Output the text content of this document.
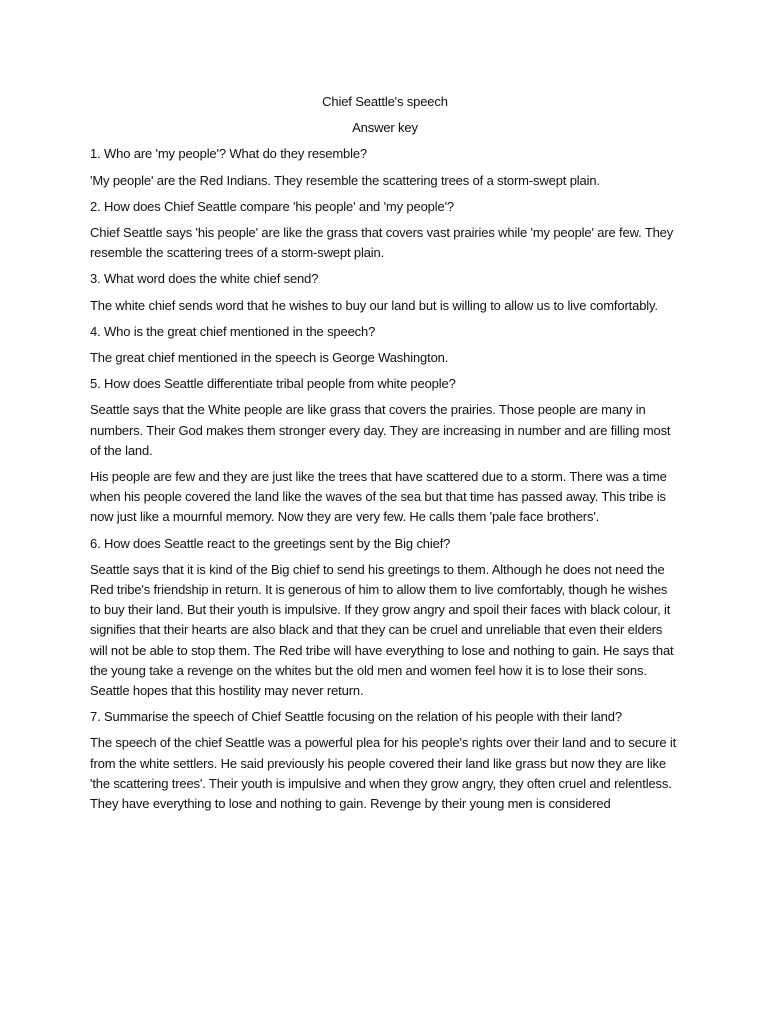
Chief Seattle's speech

Answer key

1. Who are 'my people'? What do they resemble?

'My people' are the Red Indians. They resemble the scattering trees of a storm-swept plain.

2. How does Chief Seattle compare 'his people' and 'my people'?

Chief Seattle says 'his people' are like the grass that covers vast prairies while 'my people' are few. They resemble the scattering trees of a storm-swept plain.

3. What word does the white chief send?

The white chief sends word that he wishes to buy our land but is willing to allow us to live comfortably.

4. Who is the great chief mentioned in the speech?

The great chief mentioned in the speech is George Washington.

5. How does Seattle differentiate tribal people from white people?

Seattle says that the White people are like grass that covers the prairies. Those people are many in numbers. Their God makes them stronger every day. They are increasing in number and are filling most of the land.

His people are few and they are just like the trees that have scattered due to a storm. There was a time when his people covered the land like the waves of the sea but that time has passed away. This tribe is now just like a mournful memory. Now they are very few. He calls them 'pale face brothers'.

6. How does Seattle react to the greetings sent by the Big chief?

Seattle says that it is kind of the Big chief to send his greetings to them. Although he does not need the Red tribe's friendship in return. It is generous of him to allow them to live comfortably, though he wishes to buy their land. But their youth is impulsive. If they grow angry and spoil their faces with black colour, it signifies that their hearts are also black and that they can be cruel and unreliable that even their elders will not be able to stop them. The Red tribe will have everything to lose and nothing to gain. He says that the young take a revenge on the whites but the old men and women feel how it is to lose their sons. Seattle hopes that this hostility may never return.

7. Summarise the speech of Chief Seattle focusing on the relation of his people with their land?

The speech of the chief Seattle was a powerful plea for his people's rights over their land and to secure it from the white settlers. He said previously his people covered their land like grass but now they are like 'the scattering trees'. Their youth is impulsive and when they grow angry, they often cruel and relentless. They have everything to lose and nothing to gain. Revenge by their young men is considered
